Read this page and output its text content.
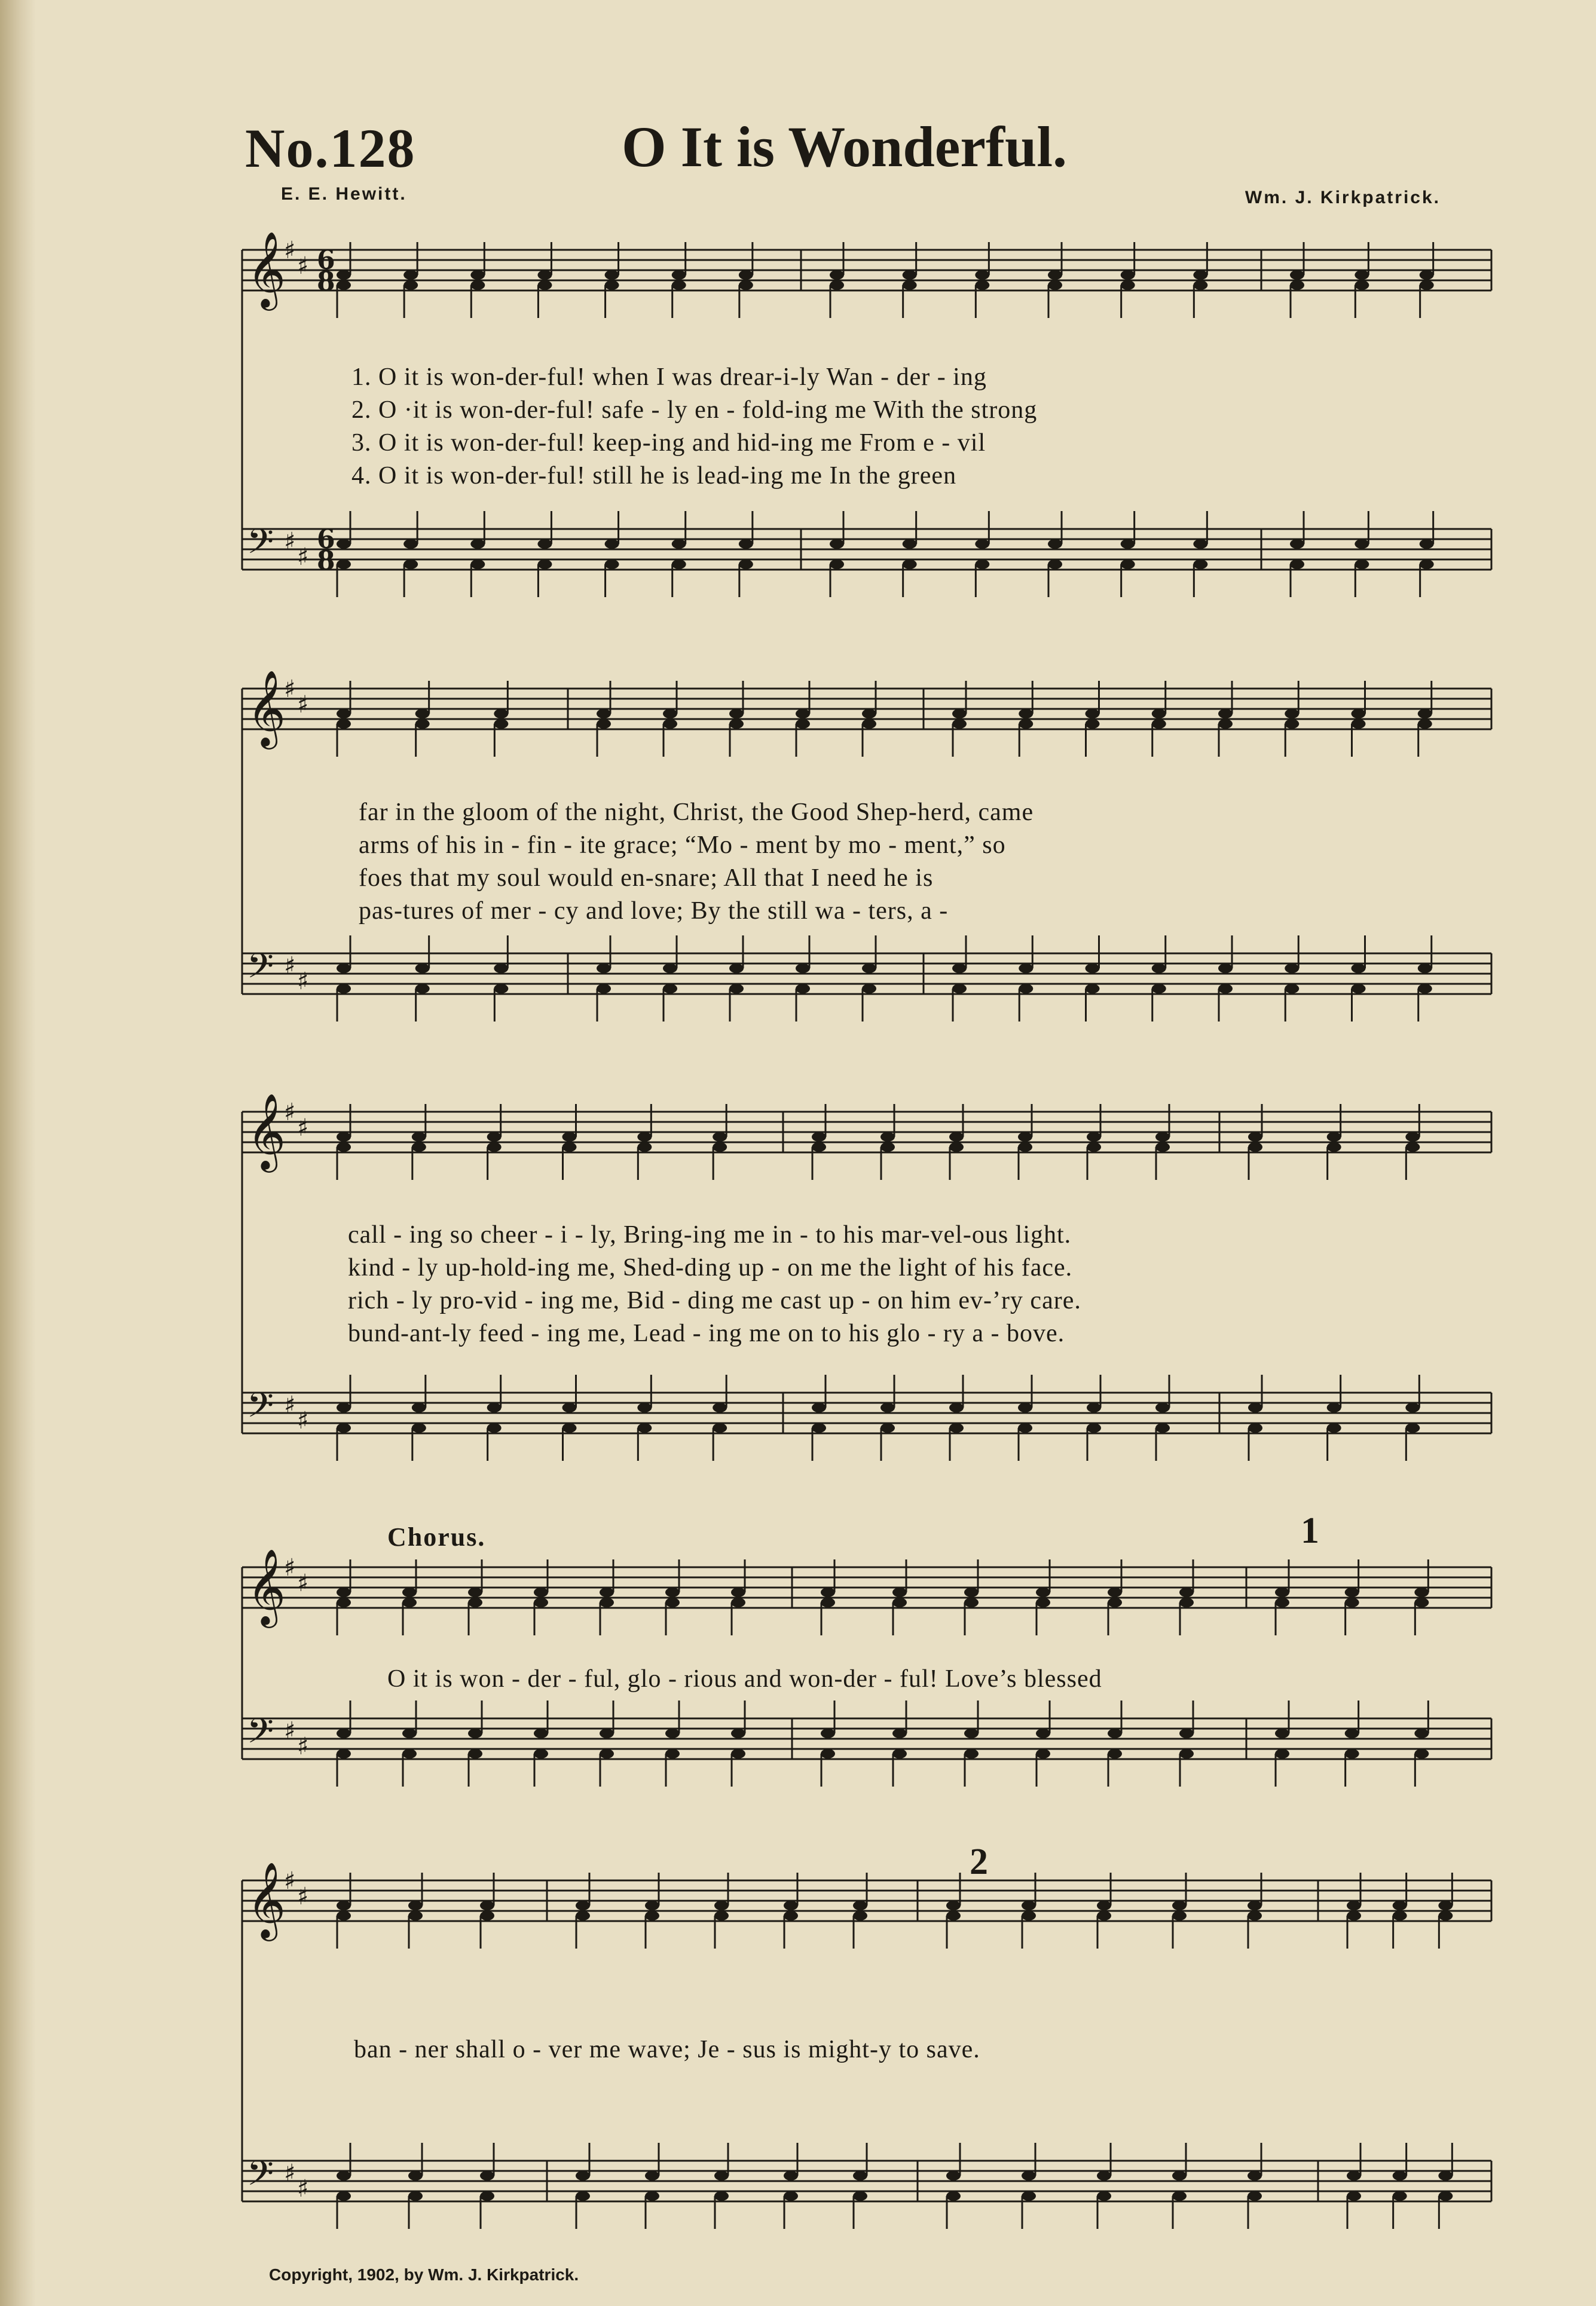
No.128	O It is Wonderful.
E. E. Hewitt.	Wm. J. Kirkpatrick.
𝄞
♯
♯
𝄢 ♯
♯
𝄞
♯
♯
𝄢 ♯
♯
𝄞
♯
♯
𝄢 ♯
♯
𝄞
♯
♯
𝄢 ♯
♯
𝄞
♯
♯
𝄢 ♯
♯
6
8
6
8
Chorus.	1
2
Copyright, 1902, by Wm. J. Kirkpatrick.
1. O it is won-der-ful! when I was drear-i-ly Wan - der - ing
2. O ·it is won-der-ful! safe - ly en - fold-ing me With the strong
3. O it is won-der-ful! keep-ing and hid-ing me From e - vil
4. O it is won-der-ful! still he is lead-ing me In the green
far in the gloom of the night, Christ, the Good Shep-herd, came
arms of his in - fin - ite grace; “Mo - ment by mo - ment,” so
foes that my soul would en-snare; All that I need he is
pas-tures of mer - cy and love; By the still wa - ters, a -
call - ing so cheer - i - ly, Bring-ing me in - to his mar-vel-ous light.
kind - ly up-hold-ing me, Shed-ding up - on me the light of his face.
rich - ly pro-vid - ing me, Bid - ding me cast up - on him ev-’ry care.
bund-ant-ly feed - ing me, Lead - ing me on to his glo - ry a - bove.
O it is won - der - ful, glo - rious and won-der - ful! Love’s blessed
ban - ner shall o - ver me wave; Je - sus is might-y to save.
